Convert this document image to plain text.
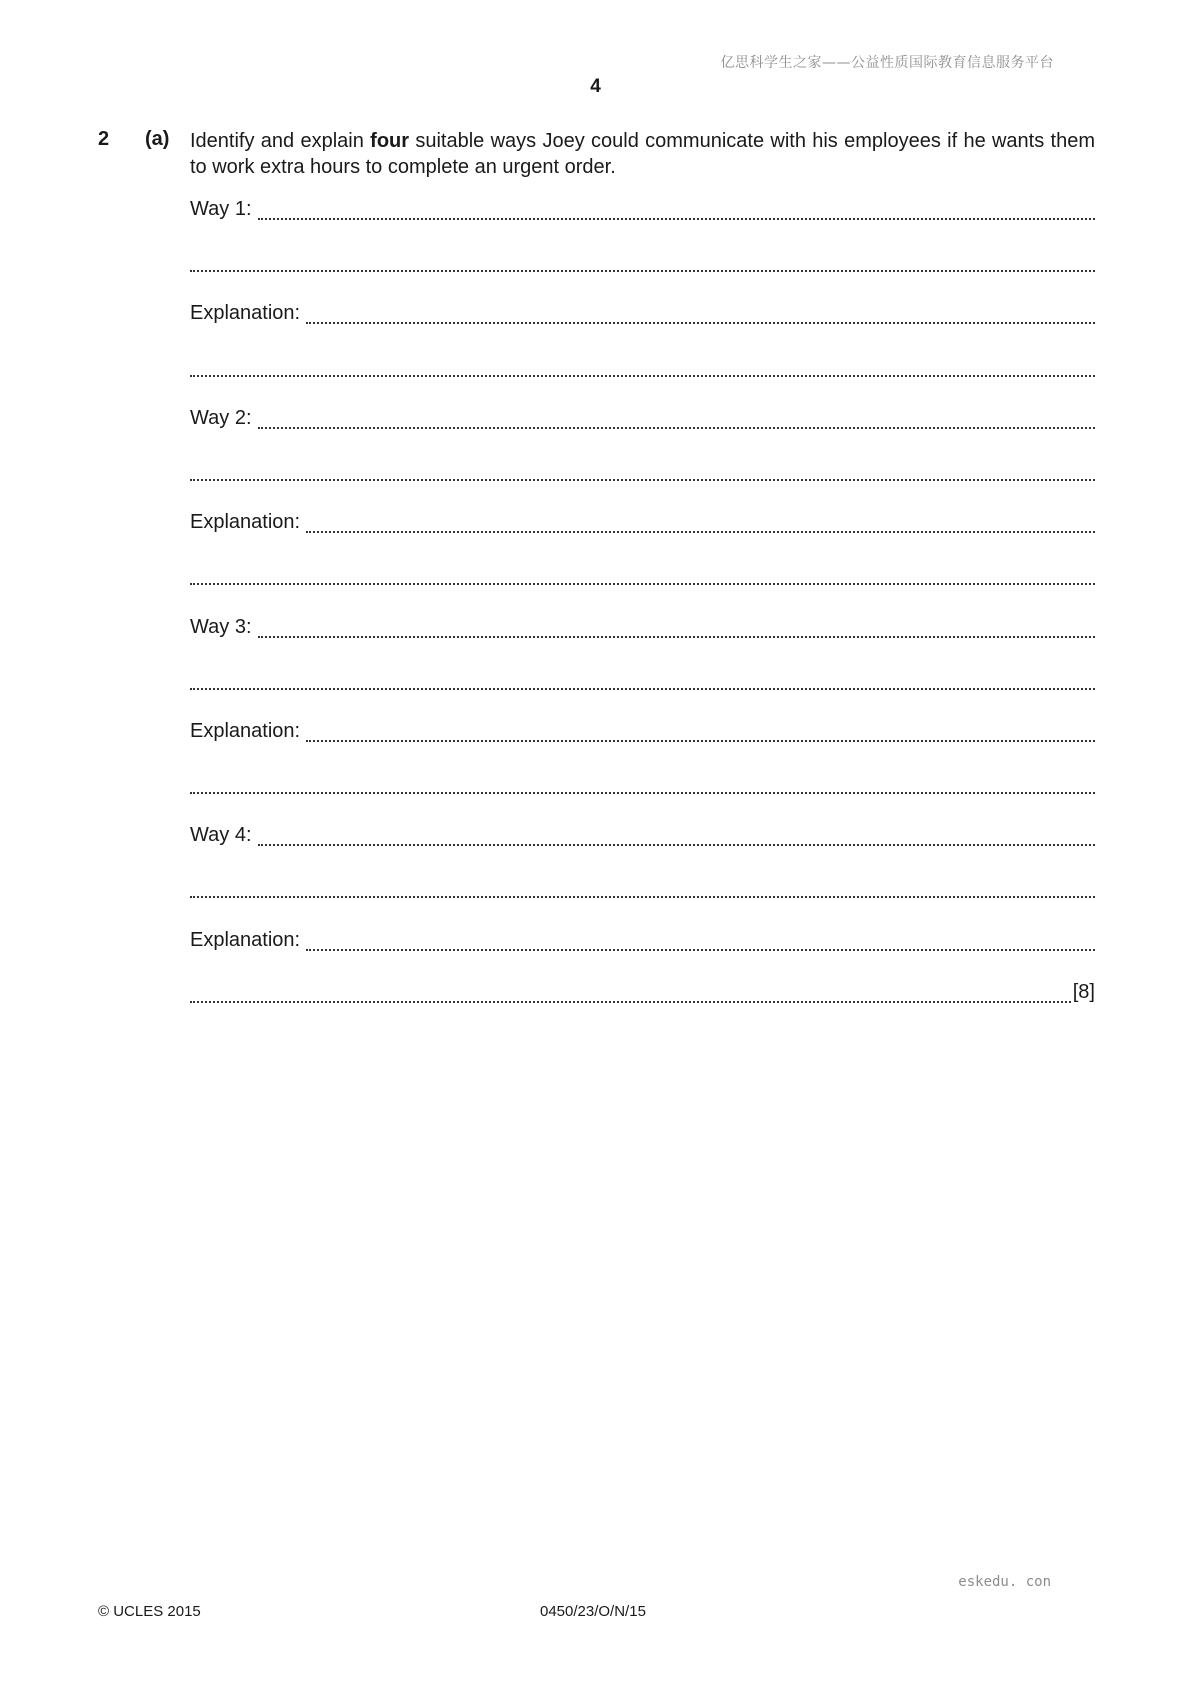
亿思科学生之家——公益性质国际教育信息服务平台
4
2 (a) Identify and explain four suitable ways Joey could communicate with his employees if he wants them to work extra hours to complete an urgent order.
Way 1:
Explanation:
Way 2:
Explanation:
Way 3:
Explanation:
Way 4:
Explanation:
[8]
eskedu. con
© UCLES 2015	0450/23/O/N/15
